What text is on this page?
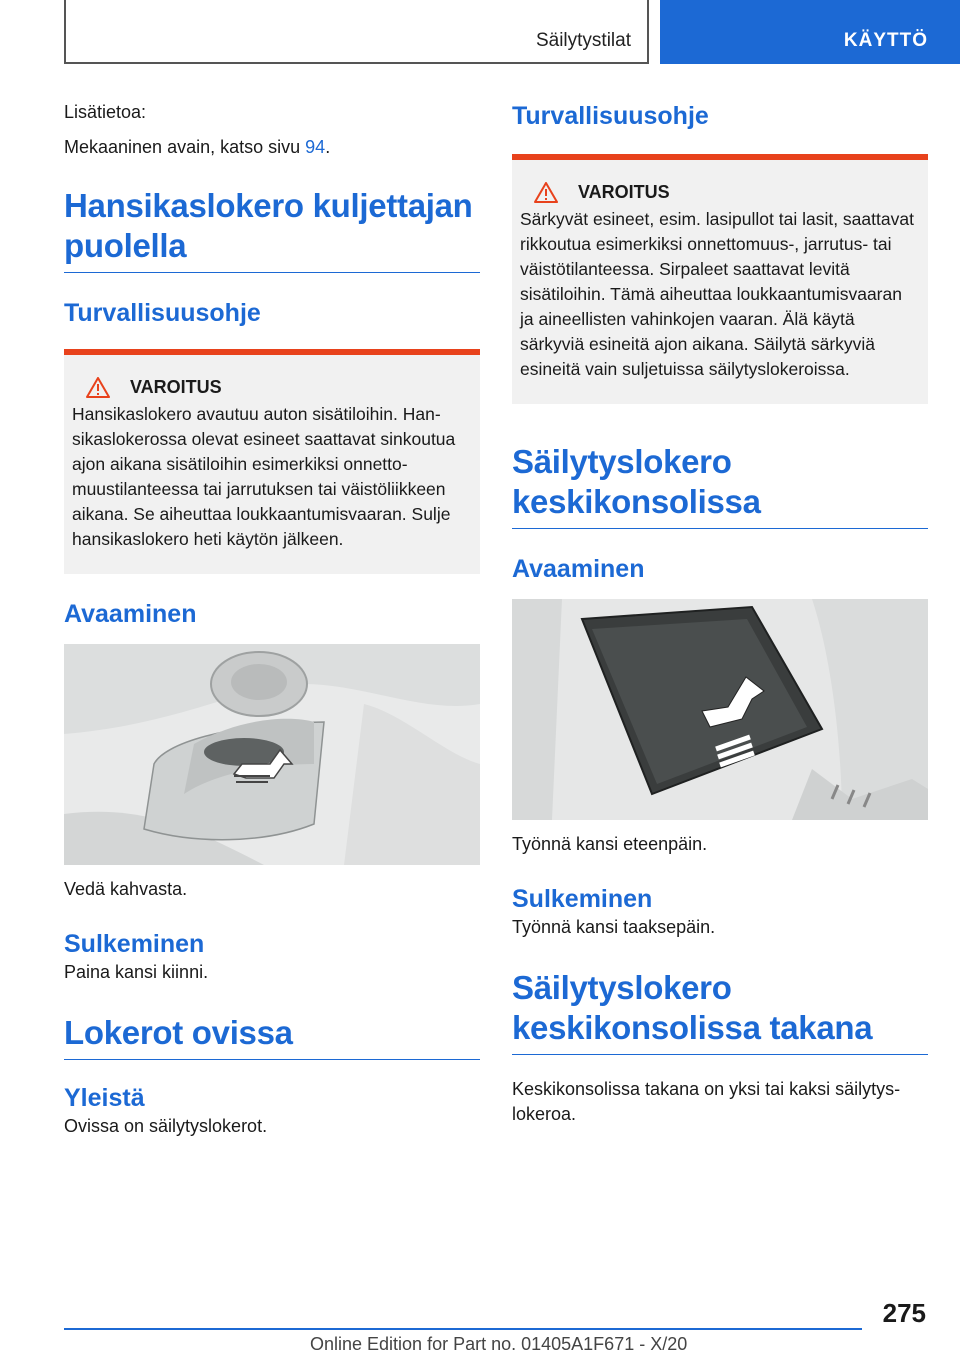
Säilytystilat	KÄYTTÖ

Lisätietoa:

Mekaaninen avain, katso sivu 94.

Hansikaslokero kuljettajan puolella
Turvallisuusohje
VAROITUS

Hansikaslokero avautuu auton sisätiloihin. Hansikaslokerossa olevat esineet saattavat sinkoutua ajon aikana sisätiloihin esimerkiksi onnettomuustilanteessa tai jarrutuksen tai väistöliikkeen aikana. Se aiheuttaa loukkaantumisvaaran. Sulje hansikaslokero heti käytön jälkeen.

Avaaminen

Vedä kahvasta.

Sulkeminen

Paina kansi kiinni.

Lokerot ovissa
Yleistä

Ovissa on säilytyslokerot.

Turvallisuusohje
VAROITUS

Särkyvät esineet, esim. lasipullot tai lasit, saattavat rikkoutua esimerkiksi onnettomuus-, jarrutus- tai väistötilanteessa. Sirpaleet saattavat levitä sisätiloihin. Tämä aiheuttaa loukkaantumisvaaran ja aineellisten vahinkojen vaaran. Älä käytä särkyviä esineitä ajon aikana. Säilytä särkyviä esineitä vain suljetuissa säilytyslokeroissa.

Säilytyslokero keskikonsolissa
Avaaminen

Työnnä kansi eteenpäin.

Sulkeminen

Työnnä kansi taaksepäin.

Säilytyslokero keskikonsolissa takana

Keskikonsolissa takana on yksi tai kaksi säilytyslokeroa.

275
Online Edition for Part no. 01405A1F671 - X/20
